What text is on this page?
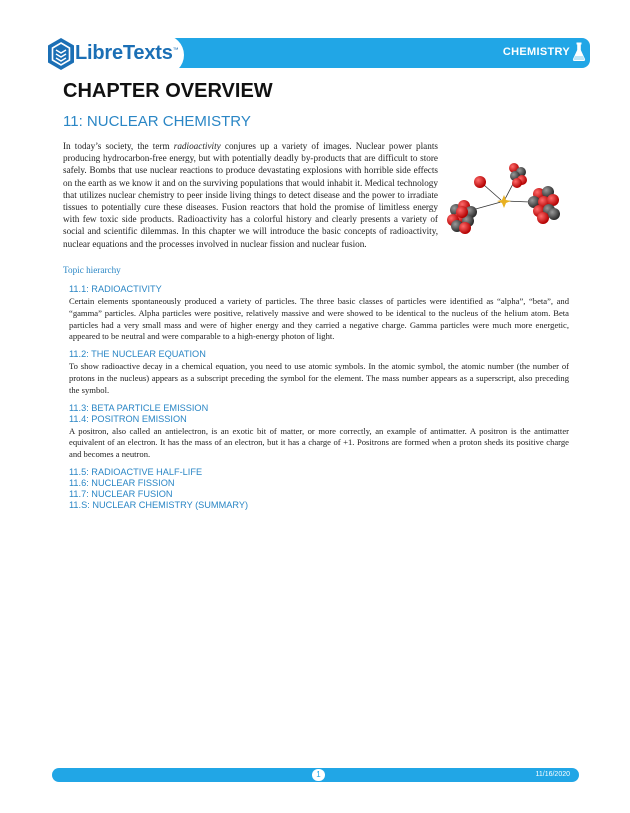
LibreTexts™	CHEMISTRY
CHAPTER OVERVIEW
11: NUCLEAR CHEMISTRY

In today’s society, the term radioactivity conjures up a variety of images. Nuclear power plants producing hydrocarbon-free energy, but with potentially deadly by-products that are difficult to store safely. Bombs that use nuclear reactions to produce devastating explosions with horrible side effects on the earth as we know it and on the surviving populations that would inhabit it. Medical technology that utilizes nuclear chemistry to peer inside living things to detect disease and the power to irradiate tissues to potentially cure these diseases. Fusion reactors that hold the promise of limitless energy with few toxic side products. Radioactivity has a colorful history and clearly presents a variety of social and scientific dilemmas. In this chapter we will introduce the basic concepts of radioactivity, nuclear equations and the processes involved in nuclear fission and nuclear fusion.

Topic hierarchy
11.1: RADIOACTIVITY

Certain elements spontaneously produced a variety of particles. The three basic classes of particles were identified as “alpha”, “beta”, and “gamma” particles. Alpha particles were positive, relatively massive and were showed to be identical to the nucleus of the helium atom. Beta particles had a very small mass and were of higher energy and they carried a negative charge. Gamma particles were much more energetic, appeared to be neutral and were comparable to a high-energy photon of light.

11.2: THE NUCLEAR EQUATION

To show radioactive decay in a chemical equation, you need to use atomic symbols. In the atomic symbol, the atomic number (the number of protons in the nucleus) appears as a subscript preceding the symbol for the element. The mass number appears as a superscript, also preceding the symbol.

11.3: BETA PARTICLE EMISSION
11.4: POSITRON EMISSION

A positron, also called an antielectron, is an exotic bit of matter, or more correctly, an example of antimatter. A positron is the antimatter equivalent of an electron. It has the mass of an electron, but it has a charge of +1. Positrons are formed when a proton sheds its positive charge and becomes a neutron.

11.5: RADIOACTIVE HALF-LIFE
11.6: NUCLEAR FISSION
11.7: NUCLEAR FUSION
11.S: NUCLEAR CHEMISTRY (SUMMARY)
1	11/16/2020
